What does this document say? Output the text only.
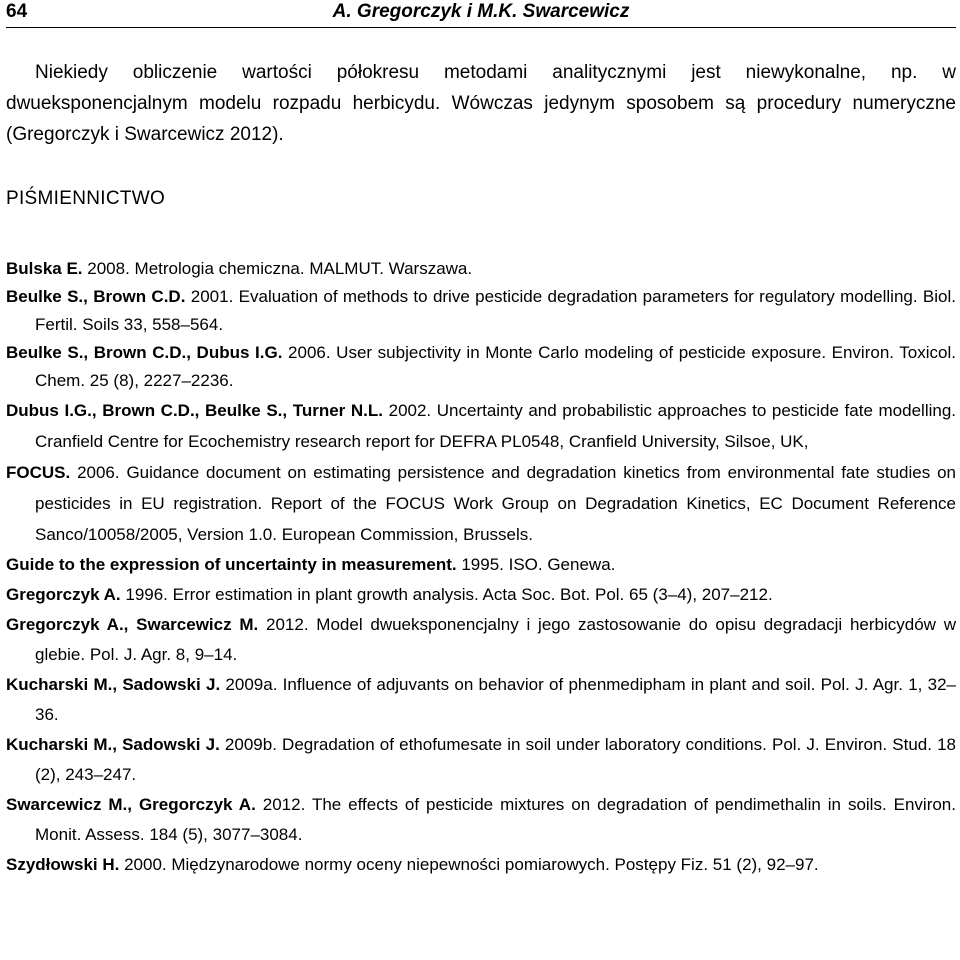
64	A. Gregorczyk i M.K. Swarcewicz

Niekiedy obliczenie wartości półokresu metodami analitycznymi jest niewykonalne, np. w dwueksponencjalnym modelu rozpadu herbicydu. Wówczas jedynym sposobem są procedury numeryczne (Gregorczyk i Swarcewicz 2012).

PIŚMIENNICTWO
Bulska E. 2008. Metrologia chemiczna. MALMUT. Warszawa.
Beulke S., Brown C.D. 2001. Evaluation of methods to drive pesticide degradation parameters for regulatory modelling. Biol. Fertil. Soils 33, 558–564.
Beulke S., Brown C.D., Dubus I.G. 2006. User subjectivity in Monte Carlo modeling of pesticide exposure. Environ. Toxicol. Chem. 25 (8), 2227–2236.
Dubus I.G., Brown C.D., Beulke S., Turner N.L. 2002. Uncertainty and probabilistic approaches to pesticide fate modelling. Cranfield Centre for Ecochemistry research report for DEFRA PL0548, Cranfield University, Silsoe, UK,
FOCUS. 2006. Guidance document on estimating persistence and degradation kinetics from environmental fate studies on pesticides in EU registration. Report of the FOCUS Work Group on Degradation Kinetics, EC Document Reference Sanco/10058/2005, Version 1.0. European Commission, Brussels.
Guide to the expression of uncertainty in measurement. 1995. ISO. Genewa.
Gregorczyk A. 1996. Error estimation in plant growth analysis. Acta Soc. Bot. Pol. 65 (3–4), 207–212.
Gregorczyk A., Swarcewicz M. 2012. Model dwueksponencjalny i jego zastosowanie do opisu degradacji herbicydów w glebie. Pol. J. Agr. 8, 9–14.
Kucharski M., Sadowski J. 2009a. Influence of adjuvants on behavior of phenmedipham in plant and soil. Pol. J. Agr. 1, 32–36.
Kucharski M., Sadowski J. 2009b. Degradation of ethofumesate in soil under laboratory conditions. Pol. J. Environ. Stud. 18 (2), 243–247.
Swarcewicz M., Gregorczyk A. 2012. The effects of pesticide mixtures on degradation of pendimethalin in soils. Environ. Monit. Assess. 184 (5), 3077–3084.
Szydłowski H. 2000. Międzynarodowe normy oceny niepewności pomiarowych. Postępy Fiz. 51 (2), 92–97.
